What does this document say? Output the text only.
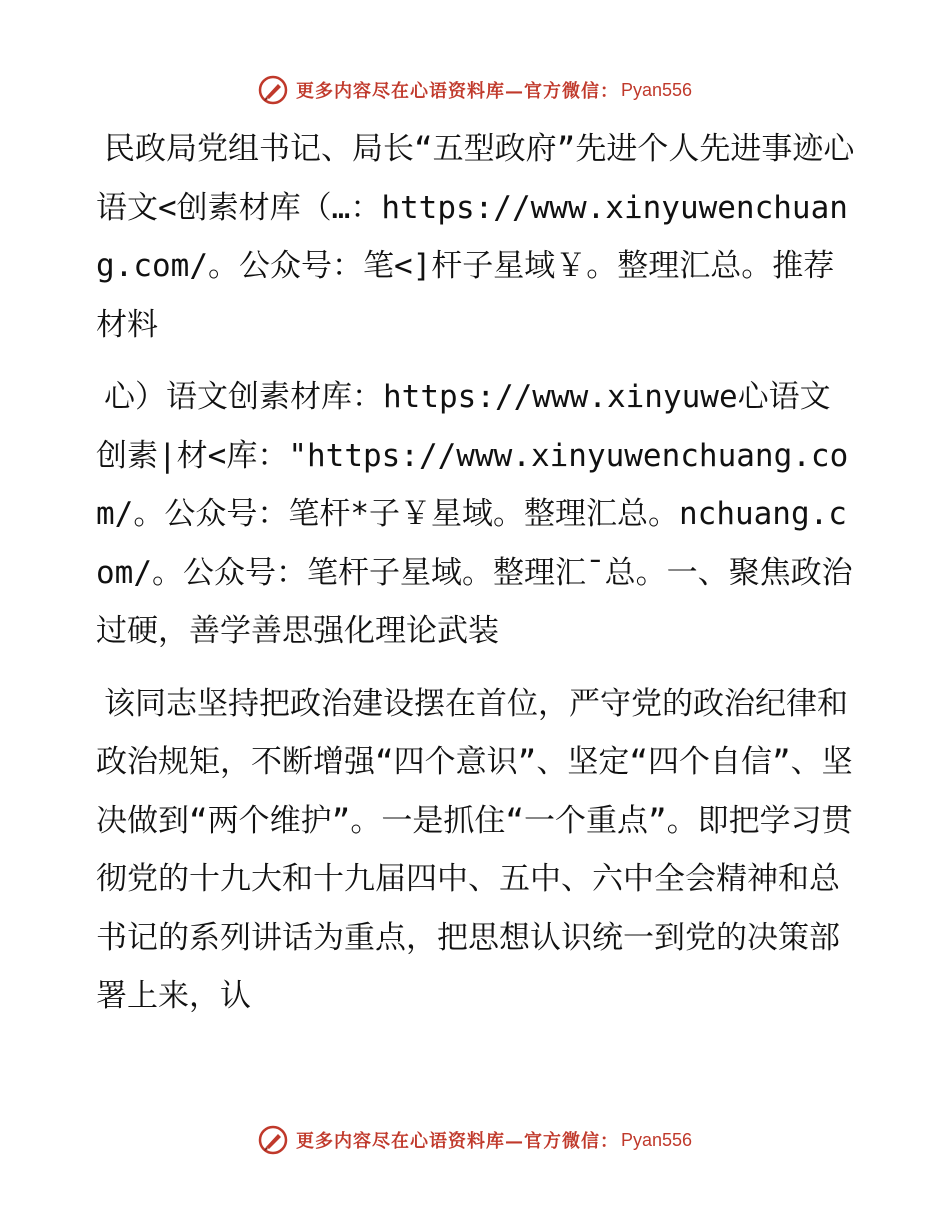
更多内容尽在心语资料库—官方微信： Pyan556

民政局党组书记、局长“五型政府”先进个人先进事迹心语文<创素材库（…：https://www.xinyuwenchuang.com/。公众号：笔<]杆子星域￥。整理汇总。推荐材料

心）语文创素材库：https://www.xinyuwe心语文创素|材<库："https://www.xinyuwenchuang.com/。公众号：笔杆*子￥星域。整理汇总。nchuang.com/。公众号：笔杆子星域。整理汇¯总。一、聚焦政治过硬，善学善思强化理论武装

该同志坚持把政治建设摆在首位，严守党的政治纪律和政治规矩，不断增强“四个意识”、坚定“四个自信”、坚决做到“两个维护”。一是抓住“一个重点”。即把学习贯彻党的十九大和十九届四中、五中、六中全会精神和总书记的系列讲话为重点，把思想认识统一到党的决策部署上来，认

更多内容尽在心语资料库—官方微信： Pyan556
